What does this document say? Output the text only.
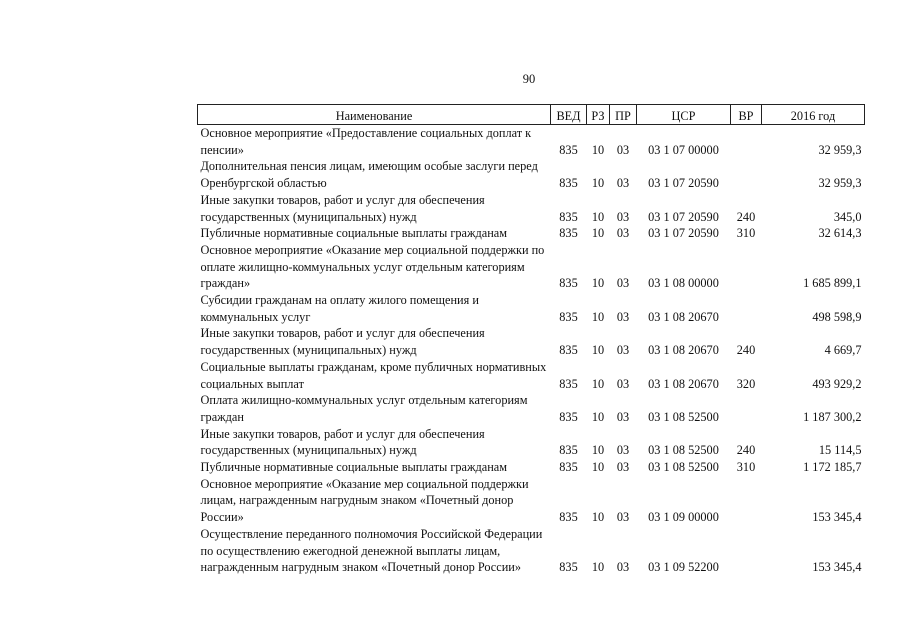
90
Наименование	ВЕД	РЗ	ПР	ЦСР	ВР	2016 год
Основное мероприятие «Предоставление социальных доплат к пенсии»	835	10	03	03 1 07 00000		32 959,3
Дополнительная пенсия лицам, имеющим особые заслуги перед Оренбургской областью	835	10	03	03 1 07 20590		32 959,3
Иные закупки товаров, работ и услуг для обеспечения государственных (муниципальных) нужд	835	10	03	03 1 07 20590	240	345,0
Публичные нормативные социальные выплаты гражданам	835	10	03	03 1 07 20590	310	32 614,3
Основное мероприятие «Оказание мер социальной поддержки по оплате жилищно-коммунальных услуг отдельным категориям граждан»	835	10	03	03 1 08 00000		1 685 899,1
Субсидии гражданам на оплату жилого помещения и коммунальных услуг	835	10	03	03 1 08 20670		498 598,9
Иные закупки товаров, работ и услуг для обеспечения государственных (муниципальных) нужд	835	10	03	03 1 08 20670	240	4 669,7
Социальные выплаты гражданам, кроме публичных нормативных социальных выплат	835	10	03	03 1 08 20670	320	493 929,2
Оплата жилищно-коммунальных услуг отдельным категориям граждан	835	10	03	03 1 08 52500		1 187 300,2
Иные закупки товаров, работ и услуг для обеспечения государственных (муниципальных) нужд	835	10	03	03 1 08 52500	240	15 114,5
Публичные нормативные социальные выплаты гражданам	835	10	03	03 1 08 52500	310	1 172 185,7
Основное мероприятие «Оказание мер социальной поддержки лицам, награжденным нагрудным знаком «Почетный донор России»	835	10	03	03 1 09 00000		153 345,4
Осуществление переданного полномочия Российской Федерации по осуществлению ежегодной денежной выплаты лицам, награжденным нагрудным знаком «Почетный донор России»	835	10	03	03 1 09 52200		153 345,4
